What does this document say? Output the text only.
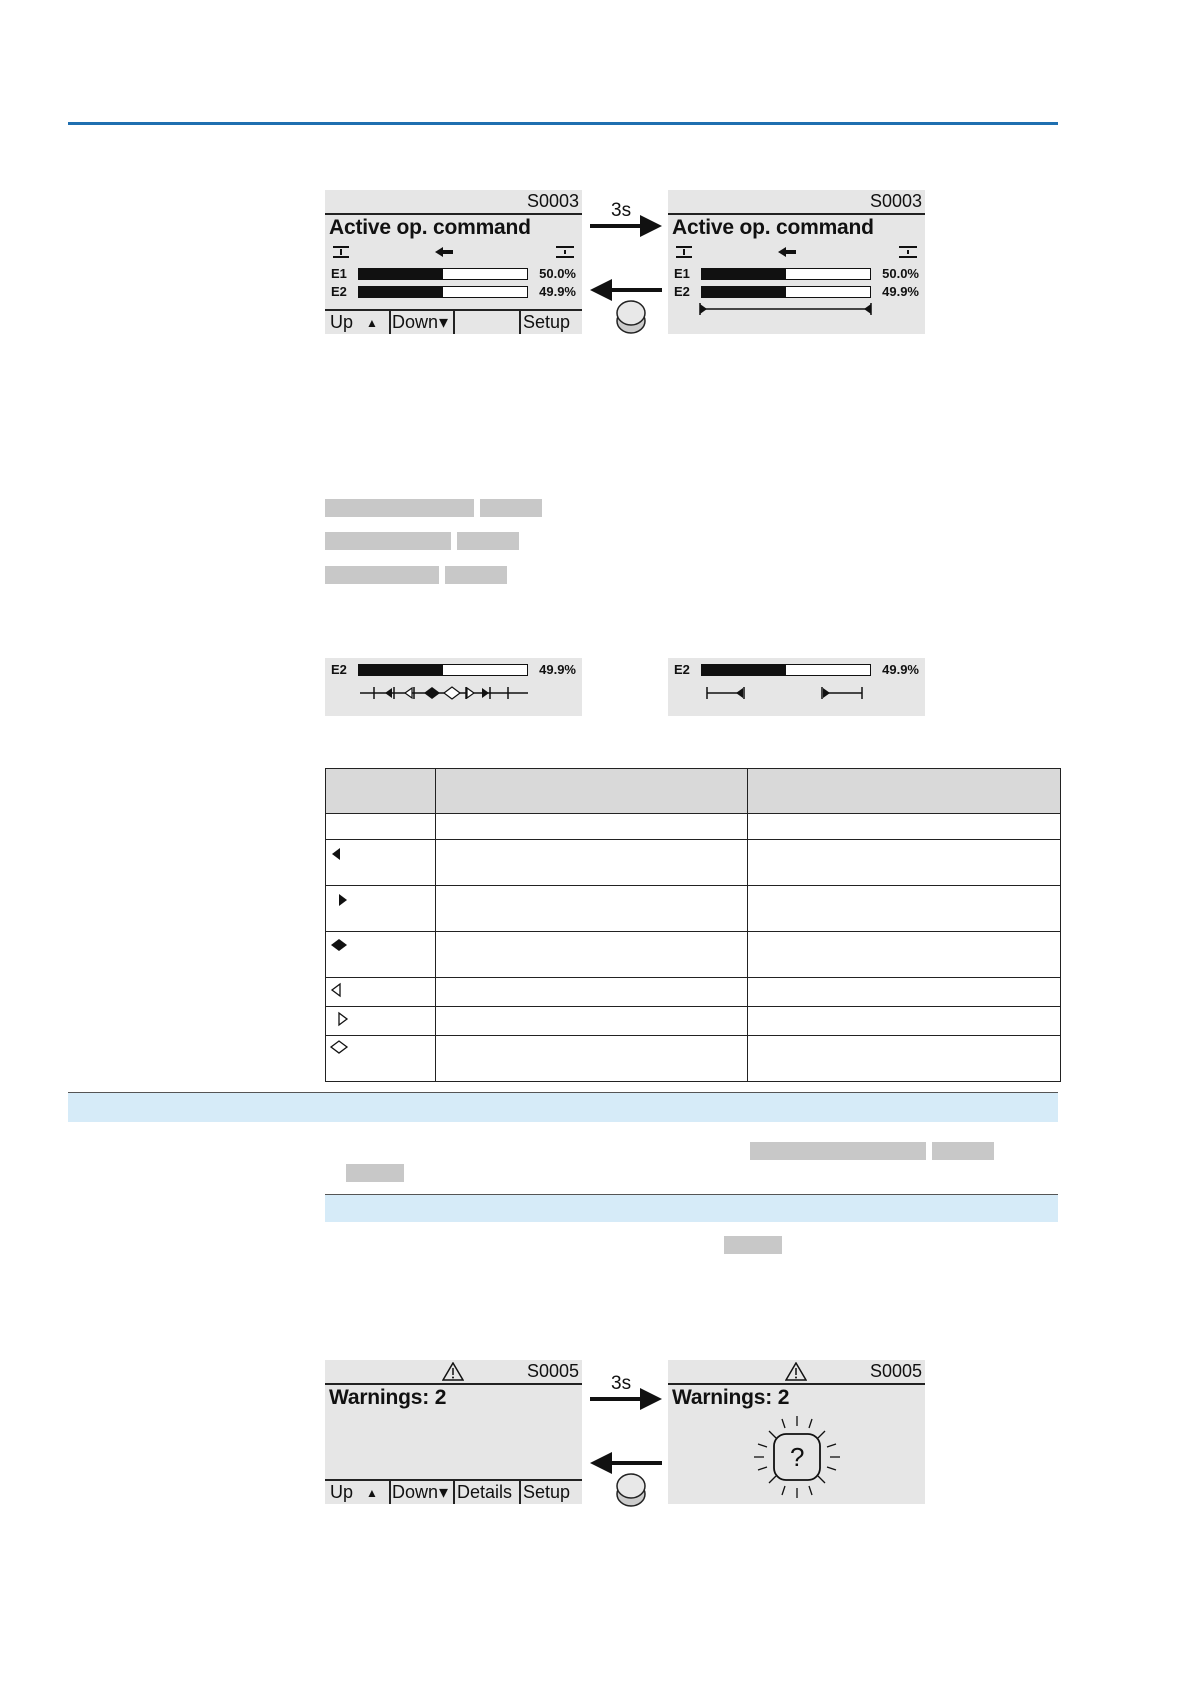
S0003
Active op. command
E1	50.0%
E2	49.9%
Up ▲ Down ▾	Setup
3s	S0003
Active op. command
E1	50.0%
E2	49.9%
E2	49.9%	E2	49.9%

S0005
Warnings: 2
Up ▲ Down ▾ Details Setup
3s
S0005
Warnings: 2
?
